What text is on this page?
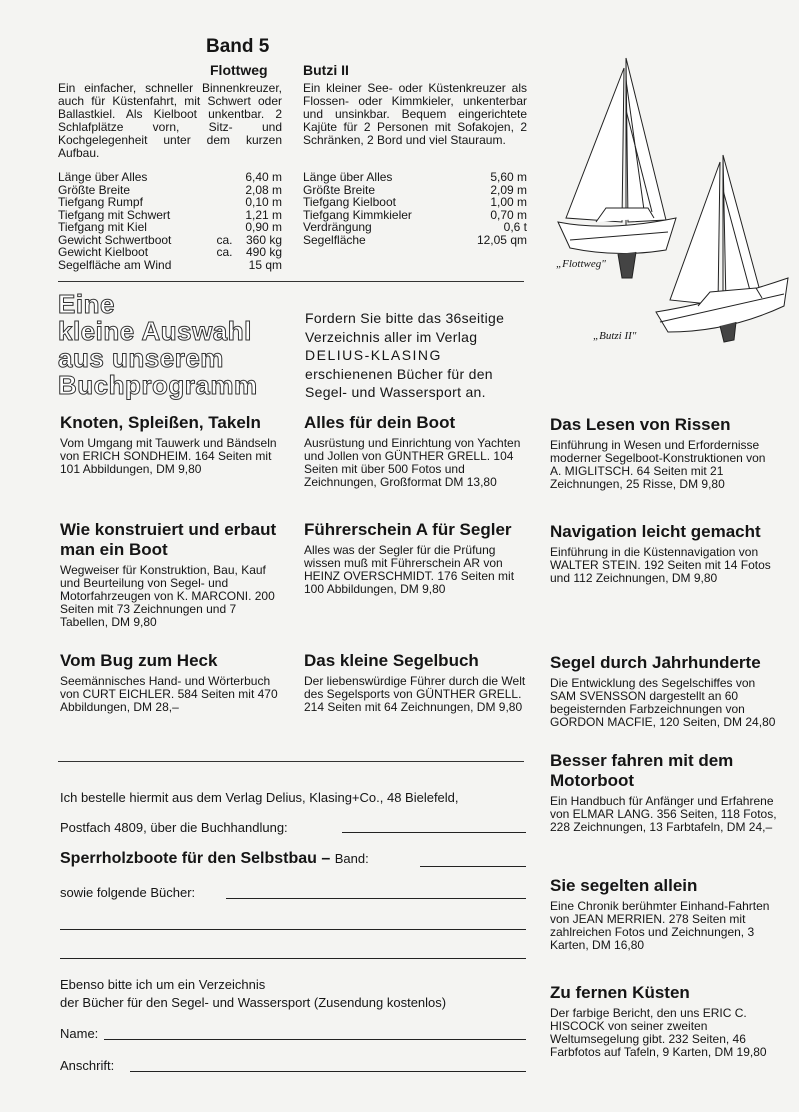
Band 5
Flottweg
Ein einfacher, schneller Binnenkreuzer, auch für Küstenfahrt, mit Schwert oder Ballastkiel. Als Kielboot unkentbar. 2 Schlafplätze vorn, Sitz- und Kochgelegenheit unter dem kurzen Aufbau.
Länge über Alles		6,40 m
Größte Breite		2,08 m
Tiefgang Rumpf		0,10 m
Tiefgang mit Schwert		1,21 m
Tiefgang mit Kiel		0,90 m
Gewicht Schwertboot	ca.	360 kg
Gewicht Kielboot	ca.	490 kg
Segelfläche am Wind		15 qm
Butzi II
Ein kleiner See- oder Küstenkreuzer als Flossen- oder Kimmkieler, unkenterbar und unsinkbar. Bequem eingerichtete Kajüte für 2 Personen mit Sofakojen, 2 Schränken, 2 Bord und viel Stauraum.
Länge über Alles		5,60 m
Größte Breite		2,09 m
Tiefgang Kielboot		1,00 m
Tiefgang Kimmkieler		0,70 m
Verdrängung		0,6 t
Segelfläche		12,05 qm
„Flottweg"
„Butzi II"
Eine
kleine Auswahl
aus unserem
Buchprogramm
Fordern Sie bitte das 36seitige
Verzeichnis aller im Verlag
DELIUS-KLASING
erschienenen Bücher für den
Segel- und Wassersport an.
Knoten, Spleißen, Takeln

Vom Umgang mit Tauwerk und Bändseln von ERICH SONDHEIM. 164 Seiten mit 101 Abbildungen, DM 9,80

Wie konstruiert und erbaut man ein Boot

Wegweiser für Konstruktion, Bau, Kauf und Beurteilung von Segel- und Motorfahrzeugen von K. MARCONI. 200 Seiten mit 73 Zeichnungen und 7 Tabellen, DM 9,80

Vom Bug zum Heck

Seemännisches Hand- und Wörterbuch von CURT EICHLER. 584 Seiten mit 470 Abbildungen, DM 28,–

Alles für dein Boot

Ausrüstung und Einrichtung von Yachten und Jollen von GÜNTHER GRELL. 104 Seiten mit über 500 Fotos und Zeichnungen, Großformat DM 13,80

Führerschein A für Segler

Alles was der Segler für die Prüfung wissen muß mit Führerschein AR von HEINZ OVERSCHMIDT. 176 Seiten mit 100 Abbildungen, DM 9,80

Das kleine Segelbuch

Der liebenswürdige Führer durch die Welt des Segelsports von GÜNTHER GRELL. 214 Seiten mit 64 Zeichnungen, DM 9,80

Das Lesen von Rissen

Einführung in Wesen und Erfordernisse moderner Segelboot-Konstruktionen von A. MIGLITSCH. 64 Seiten mit 21 Zeichnungen, 25 Risse, DM 9,80

Navigation leicht gemacht

Einführung in die Küstennavigation von WALTER STEIN. 192 Seiten mit 14 Fotos und 112 Zeichnungen, DM 9,80

Segel durch Jahrhunderte

Die Entwicklung des Segelschiffes von SAM SVENSSON dargestellt an 60 begeisternden Farbzeichnungen von GORDON MACFIE, 120 Seiten, DM 24,80

Besser fahren mit dem Motorboot

Ein Handbuch für Anfänger und Erfahrene von ELMAR LANG. 356 Seiten, 118 Fotos, 228 Zeichnungen, 13 Farbtafeln, DM 24,–

Sie segelten allein

Eine Chronik berühmter Einhand-Fahrten von JEAN MERRIEN. 278 Seiten mit zahlreichen Fotos und Zeichnungen, 3 Karten, DM 16,80

Zu fernen Küsten

Der farbige Bericht, den uns ERIC C. HISCOCK von seiner zweiten Weltumsegelung gibt. 232 Seiten, 46 Farbfotos auf Tafeln, 9 Karten, DM 19,80

Ich bestelle hiermit aus dem Verlag Delius, Klasing+Co., 48 Bielefeld,
Postfach 4809, über die Buchhandlung:
Sperrholzboote für den Selbstbau – Band:
sowie folgende Bücher:
Ebenso bitte ich um ein Verzeichnis
der Bücher für den Segel- und Wassersport (Zusendung kostenlos)
Name:
Anschrift:
